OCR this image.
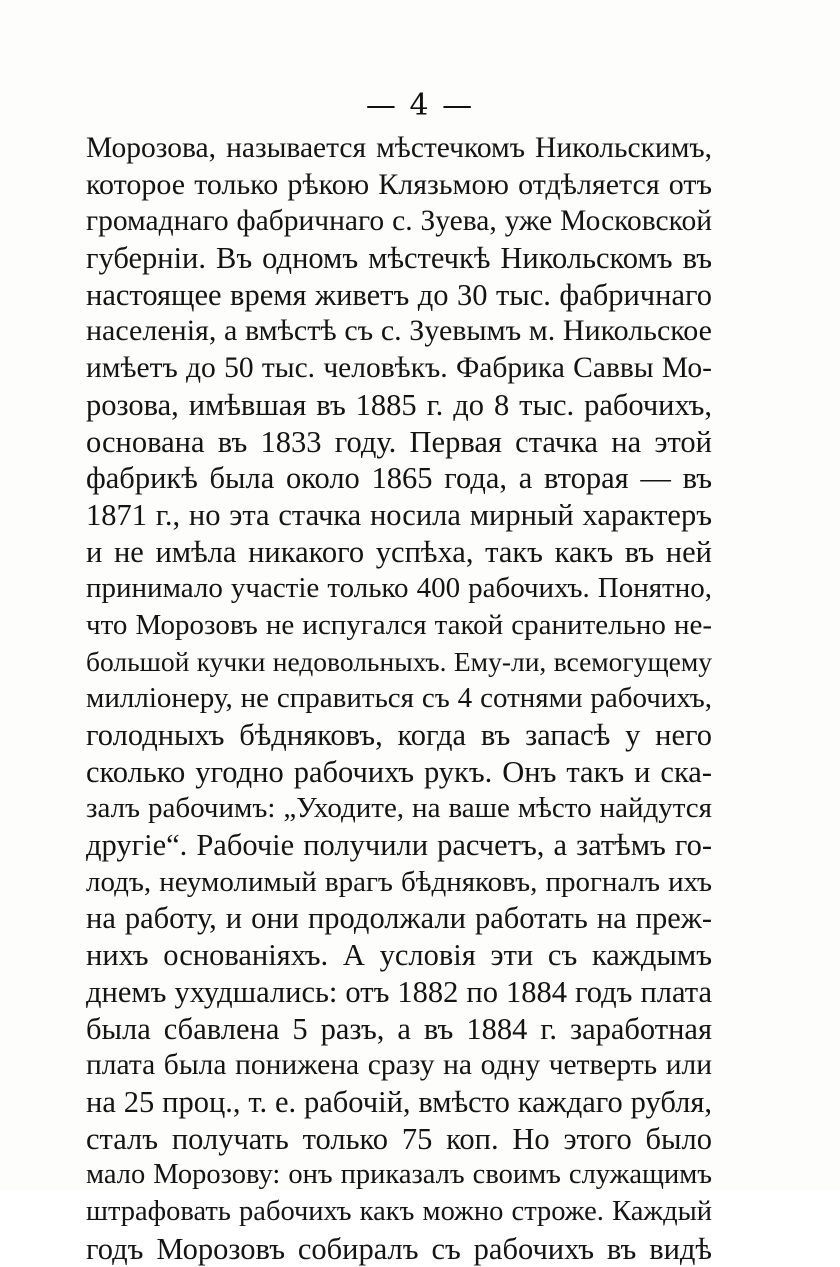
— 4 —
Морозова, называется мѣстечкомъ Никольскимъ,
которое только рѣкою Клязьмою отдѣляется отъ
громаднаго фабричнаго с. Зуева, уже Московской
губерніи. Въ одномъ мѣстечкѣ Никольскомъ въ
настоящее время живетъ до 30 тыс. фабричнаго
населенія, а вмѣстѣ съ с. Зуевымъ м. Никольское
имѣетъ до 50 тыс. человѣкъ. Фабрика Саввы Мо-
розова, имѣвшая въ 1885 г. до 8 тыс. рабочихъ,
основана въ 1833 году. Первая стачка на этой
фабрикѣ была около 1865 года, а вторая — въ
1871 г., но эта стачка носила мирный характеръ
и не имѣла никакого успѣха, такъ какъ въ ней
принимало участіе только 400 рабочихъ. Понятно,
что Морозовъ не испугался такой сранительно не-
большой кучки недовольныхъ. Ему-ли, всемогущему
милліонеру, не справиться съ 4 сотнями рабочихъ,
голодныхъ бѣдняковъ, когда въ запасѣ у него
сколько угодно рабочихъ рукъ. Онъ такъ и ска-
залъ рабочимъ: „Уходите, на ваше мѣсто найдутся
другіе“. Рабочіе получили расчетъ, а затѣмъ го-
лодъ, неумолимый врагъ бѣдняковъ, прогналъ ихъ
на работу, и они продолжали работать на преж-
нихъ основаніяхъ. А условія эти съ каждымъ
днемъ ухудшались: отъ 1882 по 1884 годъ плата
была сбавлена 5 разъ, а въ 1884 г. заработная
плата была понижена сразу на одну четверть или
на 25 проц., т. е. рабочій, вмѣсто каждаго рубля,
сталъ получать только 75 коп. Но этого было
мало Морозову: онъ приказалъ своимъ служащимъ
штрафовать рабочихъ какъ можно строже. Каждый
годъ Морозовъ собиралъ съ рабочихъ въ видѣ
